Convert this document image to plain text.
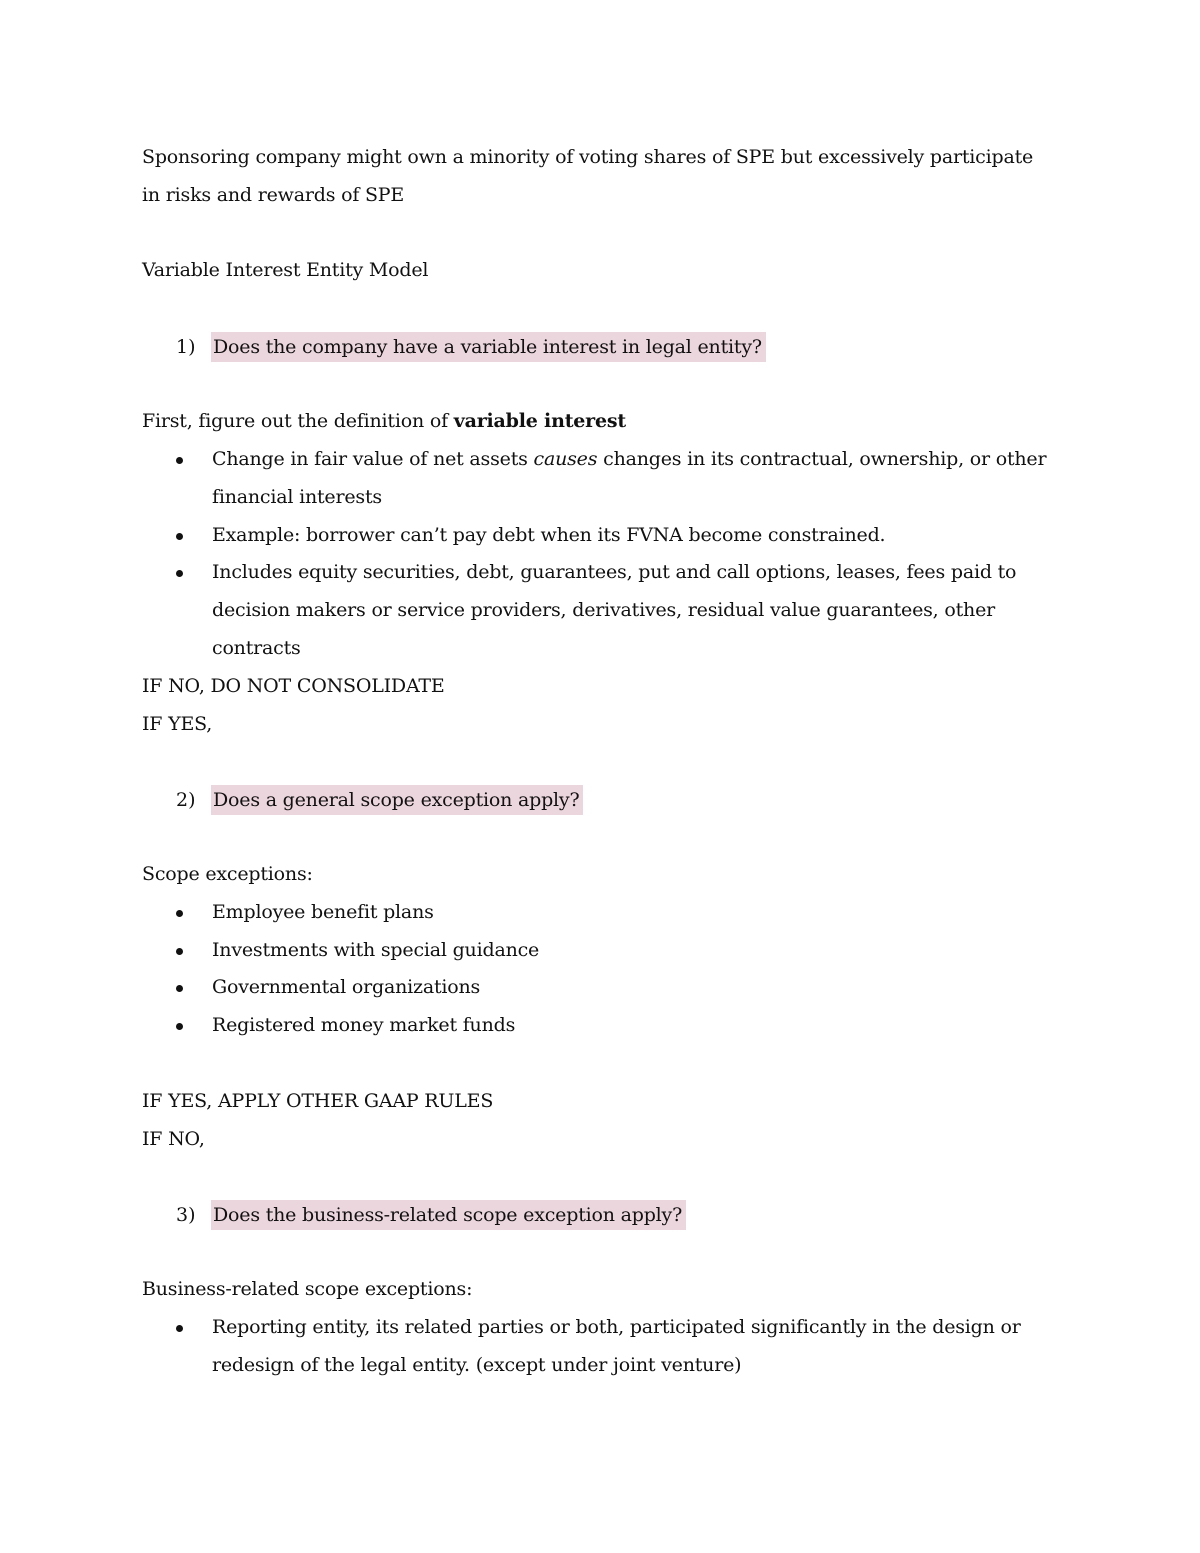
Sponsoring company might own a minority of voting shares of SPE but excessively participate
in risks and rewards of SPE
Variable Interest Entity Model
1) Does the company have a variable interest in legal entity?
First, figure out the definition of variable interest
Change in fair value of net assets causes changes in its contractual, ownership, or other
financial interests
Example: borrower can’t pay debt when its FVNA become constrained.
Includes equity securities, debt, guarantees, put and call options, leases, fees paid to
decision makers or service providers, derivatives, residual value guarantees, other
contracts
IF NO, DO NOT CONSOLIDATE
IF YES,
2) Does a general scope exception apply?
Scope exceptions:
Employee benefit plans
Investments with special guidance
Governmental organizations
Registered money market funds
IF YES, APPLY OTHER GAAP RULES
IF NO,
3) Does the business-related scope exception apply?
Business-related scope exceptions:
Reporting entity, its related parties or both, participated significantly in the design or
redesign of the legal entity. (except under joint venture)
